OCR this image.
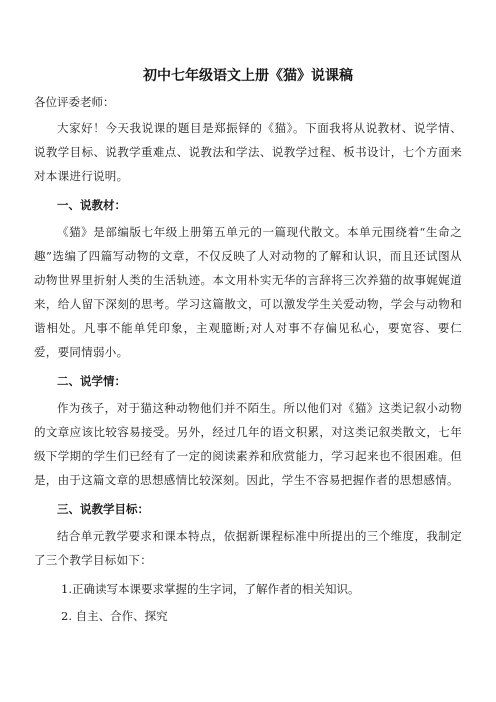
初中七年级语文上册《猫》说课稿

各位评委老师：

大家好！今天我说课的题目是郑振铎的《猫》。下面我将从说教材、说学情、说教学目标、说教学重难点、说教法和学法、说教学过程、板书设计，七个方面来对本课进行说明。

一、说教材：

《猫》是部编版七年级上册第五单元的一篇现代散文。本单元围绕着“生命之趣”选编了四篇写动物的文章，不仅反映了人对动物的了解和认识，而且还试图从动物世界里折射人类的生活轨迹。本文用朴实无华的言辞将三次养猫的故事娓娓道来，给人留下深刻的思考。学习这篇散文，可以激发学生关爱动物，学会与动物和谐相处。凡事不能单凭印象，主观臆断;对人对事不存偏见私心，要宽容、要仁爱，要同情弱小。

二、说学情：

作为孩子，对于猫这种动物他们并不陌生。所以他们对《猫》这类记叙小动物的文章应该比较容易接受。另外，经过几年的语文积累，对这类记叙类散文，七年级下学期的学生们已经有了一定的阅读素养和欣赏能力，学习起来也不很困难。但是，由于这篇文章的思想感情比较深刻。因此，学生不容易把握作者的思想感情。

三、说教学目标：

结合单元教学要求和课本特点，依据新课程标准中所提出的三个维度，我制定了三个教学目标如下：

1.正确读写本课要求掌握的生字词，了解作者的相关知识。
2. 自主、合作、探究
